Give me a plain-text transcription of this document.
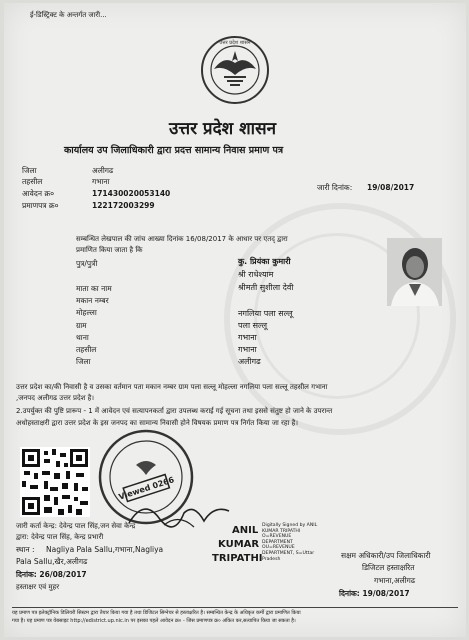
ई-डिस्ट्रिक्ट के अन्तर्गत जारी...
उत्तर प्रदेश शासन
उत्तर प्रदेश शासन
कार्यालय उप जिलाधिकारी द्वारा प्रदत्त सामान्य निवास प्रमाण पत्र
जिला	अलीगढ
तहसील	गभाना
आवेदन क्र०	171430020053140
प्रमाणपत्र क्र०	122172003299
जारी दिनांक: 19/08/2017
सम्बन्धित लेखपाल की जांच आख्या दिनांक 16/08/2017 के आधार पर एतद् द्वारा
प्रमाणित किया जाता है कि
पुत्र/पुत्री	कु. प्रियंका कुमारी
श्री राधेश्याम
माता का नाम	श्रीमती सुशीला देवी
मकान नम्बर
मोहल्ला	नगलिया पला सल्लू
ग्राम	पला सल्लू
थाना	गभाना
तहसील	गभाना
जिला	अलीगढ
उत्तर प्रदेश का/की निवासी है व उसका वर्तमान पता मकान नम्बर ग्राम पला सल्लू मोहल्ला नगलिया पला सल्लू तहसील गभाना
,जनपद अलीगढ उत्तर प्रदेश है।
2.उपर्युक्त की पुष्टि प्रारूप - 1 में आवेदन एवं सत्यापनकर्ता द्वारा उपलब्ध कराई गई सूचना तथा इससे संतुष्ट हो जाने के उपरान्त
अधोहस्ताक्षरी द्वारा उत्तर प्रदेश के इस जनपद का सामान्य निवासी होने विषयक प्रमाण पत्र निर्गत किया जा रहा है।
Viewed 0266
जारी कर्ता केन्द्र: देवेन्द्र पाल सिंह,जन सेवा केन्द्र
द्वारा: देवेन्द्र पाल सिंह, केन्द्र प्रभारी
स्थान : Nagliya Pala Sallu,गभाना,Nagliya
Pala Sallu,खैर,अलीगढ
दिनांक: 26/08/2017
हस्ताक्षर एवं मुहर
ANIL
KUMAR
TRIPATHI
Digitally Signed by ANIL
KUMAR TRIPATHI
O=REVENUE
DEPARTMENT
OU=REVENUE
DEPARTMENT, S=Uttar
Pradesh	सक्षम अधिकारी/उप जिलाधिकारी
डिजिटल हस्ताक्षरित
गभाना,अलीगढ
दिनांक: 19/08/2017
यह प्रमाण पत्र इलेक्ट्रॉनिक डिलिवरी सिस्टम द्वारा तैयार किया गया है तथा डिजिटल सिग्नेचर से हस्ताक्षरित है। सम्बन्धित केन्द्र के अधिकृत कर्मी द्वारा प्रमाणित किया
गया है। यह प्रमाण पत्र वेबसाइट http://edistrict.up.nic.in पर इसका पहले आवेदन क्र० - जिस प्रमाणपत्र क्र० अंकित कर,सत्यापित किया जा सकता है।
